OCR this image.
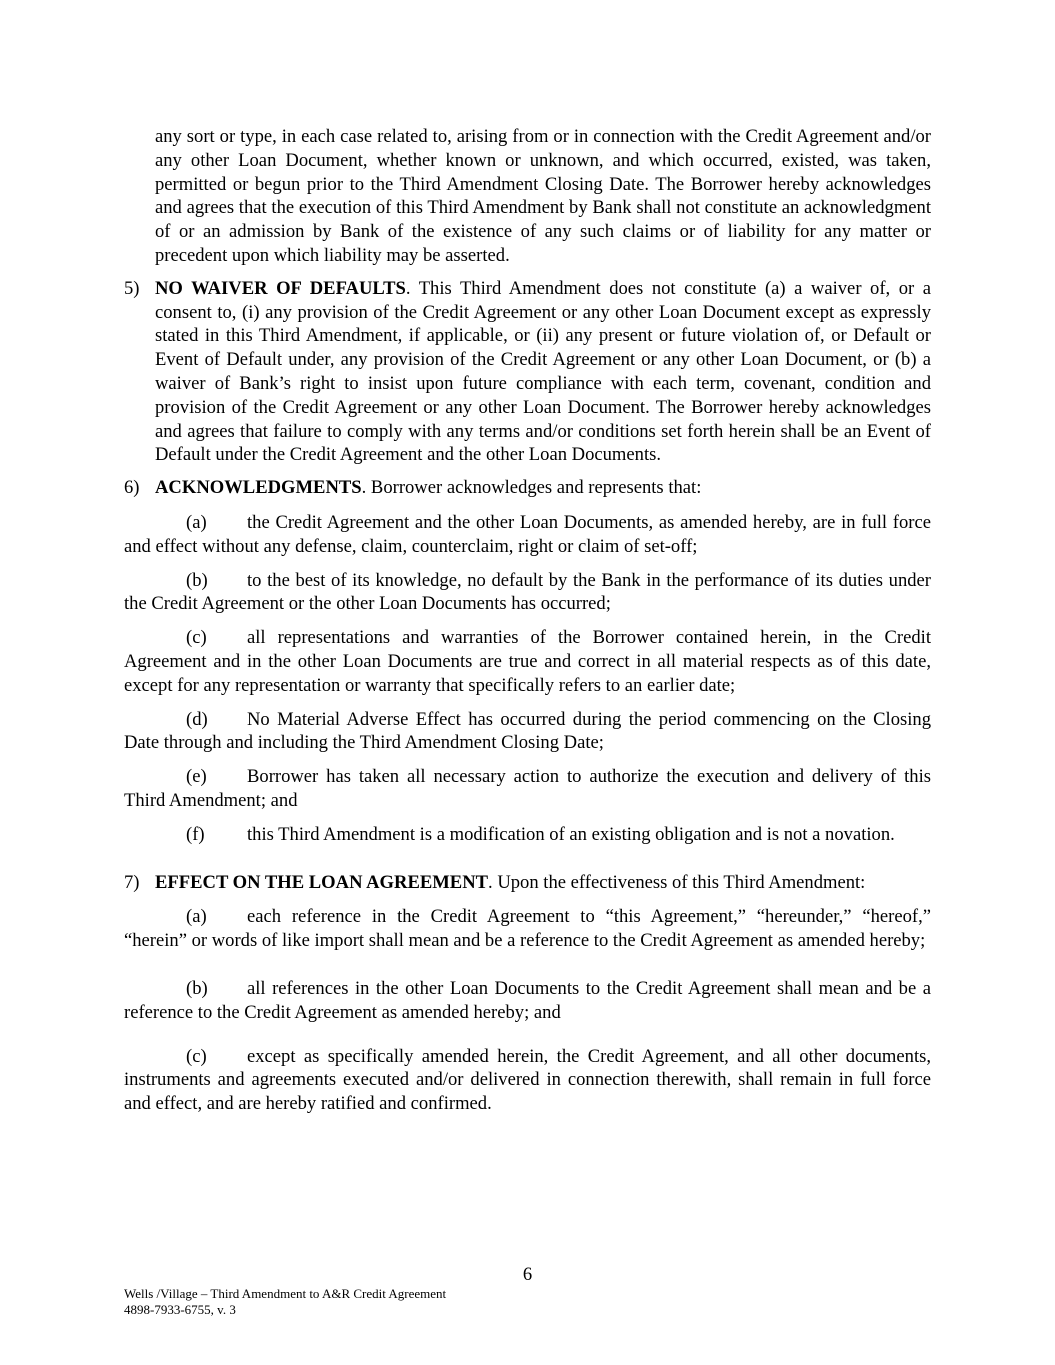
any sort or type, in each case related to, arising from or in connection with the Credit Agreement and/or any other Loan Document, whether known or unknown, and which occurred, existed, was taken, permitted or begun prior to the Third Amendment Closing Date. The Borrower hereby acknowledges and agrees that the execution of this Third Amendment by Bank shall not constitute an acknowledgment of or an admission by Bank of the existence of any such claims or of liability for any matter or precedent upon which liability may be asserted.

5) NO WAIVER OF DEFAULTS. This Third Amendment does not constitute (a) a waiver of, or a consent to, (i) any provision of the Credit Agreement or any other Loan Document except as expressly stated in this Third Amendment, if applicable, or (ii) any present or future violation of, or Default or Event of Default under, any provision of the Credit Agreement or any other Loan Document, or (b) a waiver of Bank’s right to insist upon future compliance with each term, covenant, condition and provision of the Credit Agreement or any other Loan Document. The Borrower hereby acknowledges and agrees that failure to comply with any terms and/or conditions set forth herein shall be an Event of Default under the Credit Agreement and the other Loan Documents.

6) ACKNOWLEDGMENTS. Borrower acknowledges and represents that:

(a) the Credit Agreement and the other Loan Documents, as amended hereby, are in full force and effect without any defense, claim, counterclaim, right or claim of set-off;

(b) to the best of its knowledge, no default by the Bank in the performance of its duties under the Credit Agreement or the other Loan Documents has occurred;

(c) all representations and warranties of the Borrower contained herein, in the Credit Agreement and in the other Loan Documents are true and correct in all material respects as of this date, except for any representation or warranty that specifically refers to an earlier date;

(d) No Material Adverse Effect has occurred during the period commencing on the Closing Date through and including the Third Amendment Closing Date;

(e) Borrower has taken all necessary action to authorize the execution and delivery of this Third Amendment; and

(f) this Third Amendment is a modification of an existing obligation and is not a novation.

7) EFFECT ON THE LOAN AGREEMENT. Upon the effectiveness of this Third Amendment:

(a) each reference in the Credit Agreement to “this Agreement,” “hereunder,” “hereof,” “herein” or words of like import shall mean and be a reference to the Credit Agreement as amended hereby;

(b) all references in the other Loan Documents to the Credit Agreement shall mean and be a reference to the Credit Agreement as amended hereby; and

(c) except as specifically amended herein, the Credit Agreement, and all other documents, instruments and agreements executed and/or delivered in connection therewith, shall remain in full force and effect, and are hereby ratified and confirmed.

6
Wells /Village – Third Amendment to A&R Credit Agreement
4898-7933-6755, v. 3
